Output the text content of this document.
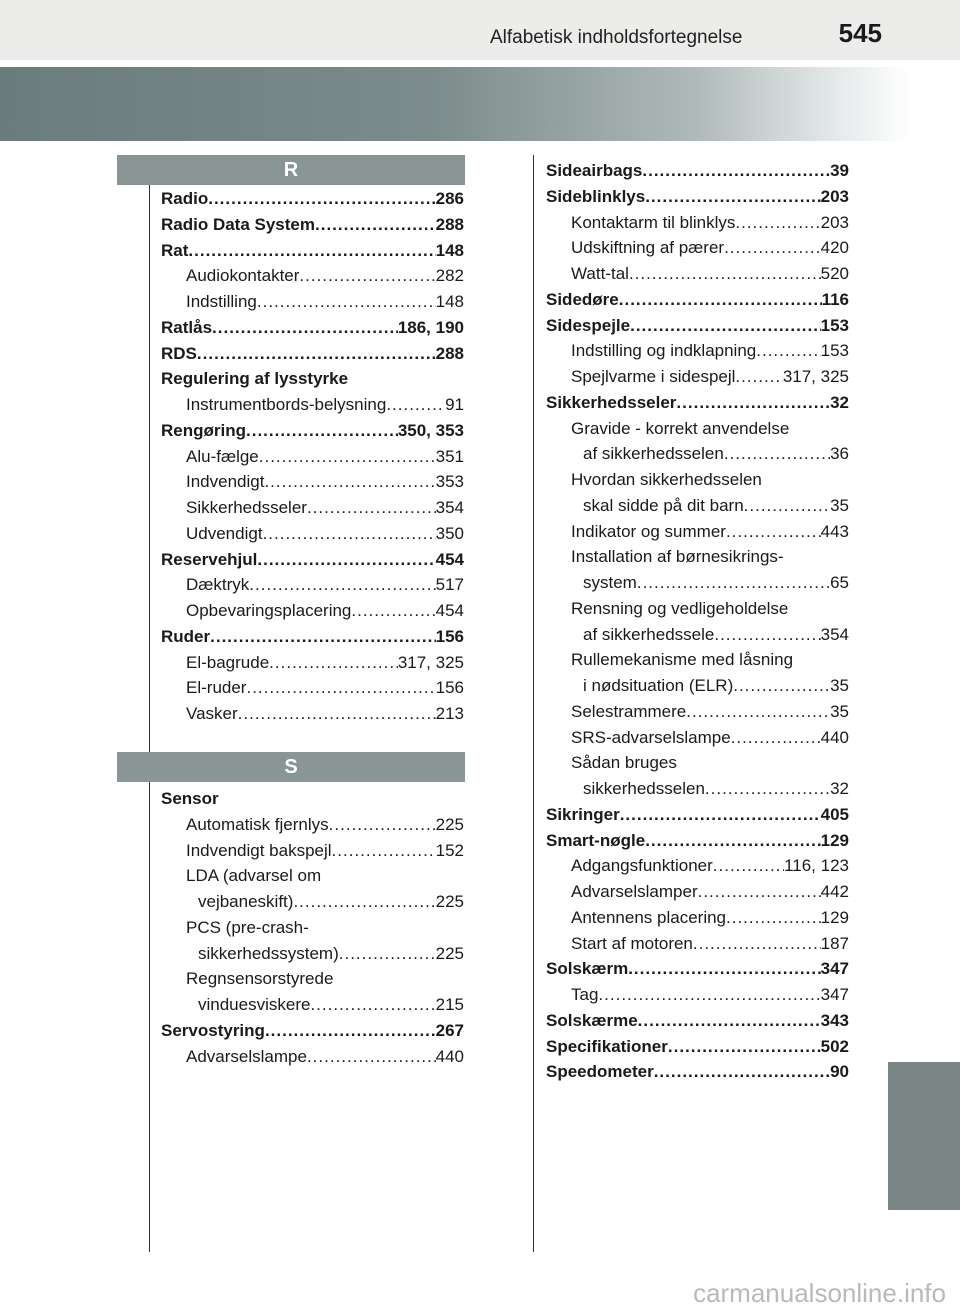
Alfabetisk indholdsfortegnelse	545
R
S
Radio .....	286
Radio Data System .....	288
Rat .....	148
Audiokontakter .....	282
Indstilling .....	148
Ratlås .....	186, 190
RDS .....	288
Regulering af lysstyrke
Instrumentbords-belysning .....	91
Rengøring .....	350, 353
Alu-fælge .....	351
Indvendigt .....	353
Sikkerhedsseler .....	354
Udvendigt .....	350
Reservehjul .....	454
Dæktryk .....	517
Opbevaringsplacering .....	454
Ruder .....	156
El-bagrude .....	317, 325
El-ruder .....	156
Vasker .....	213
Sensor
Automatisk fjernlys .....	225
Indvendigt bakspejl .....	152
LDA (advarsel om
vejbaneskift) .....	225
PCS (pre-crash-
sikkerhedssystem) .....	225
Regnsensorstyrede
vinduesviskere .....	215
Servostyring .....	267
Advarselslampe .....	440
Sideairbags .....	39
Sideblinklys .....	203
Kontaktarm til blinklys .....	203
Udskiftning af pærer .....	420
Watt-tal .....	520
Sidedøre .....	116
Sidespejle .....	153
Indstilling og indklapning .....	153
Spejlvarme i sidespejl .....	317, 325
Sikkerhedsseler .....	32
Gravide - korrekt anvendelse
af sikkerhedsselen .....	36
Hvordan sikkerhedsselen
skal sidde på dit barn .....	35
Indikator og summer .....	443
Installation af børnesikrings-
system .....	65
Rensning og vedligeholdelse
af sikkerhedssele .....	354
Rullemekanisme med låsning
i nødsituation (ELR) .....	35
Selestrammere .....	35
SRS-advarselslampe .....	440
Sådan bruges
sikkerhedsselen .....	32
Sikringer .....	405
Smart-nøgle .....	129
Adgangsfunktioner .....	116, 123
Advarselslamper .....	442
Antennens placering .....	129
Start af motoren .....	187
Solskærm .....	347
Tag .....	347
Solskærme .....	343
Specifikationer .....	502
Speedometer .....	90
carmanualsonline.info
